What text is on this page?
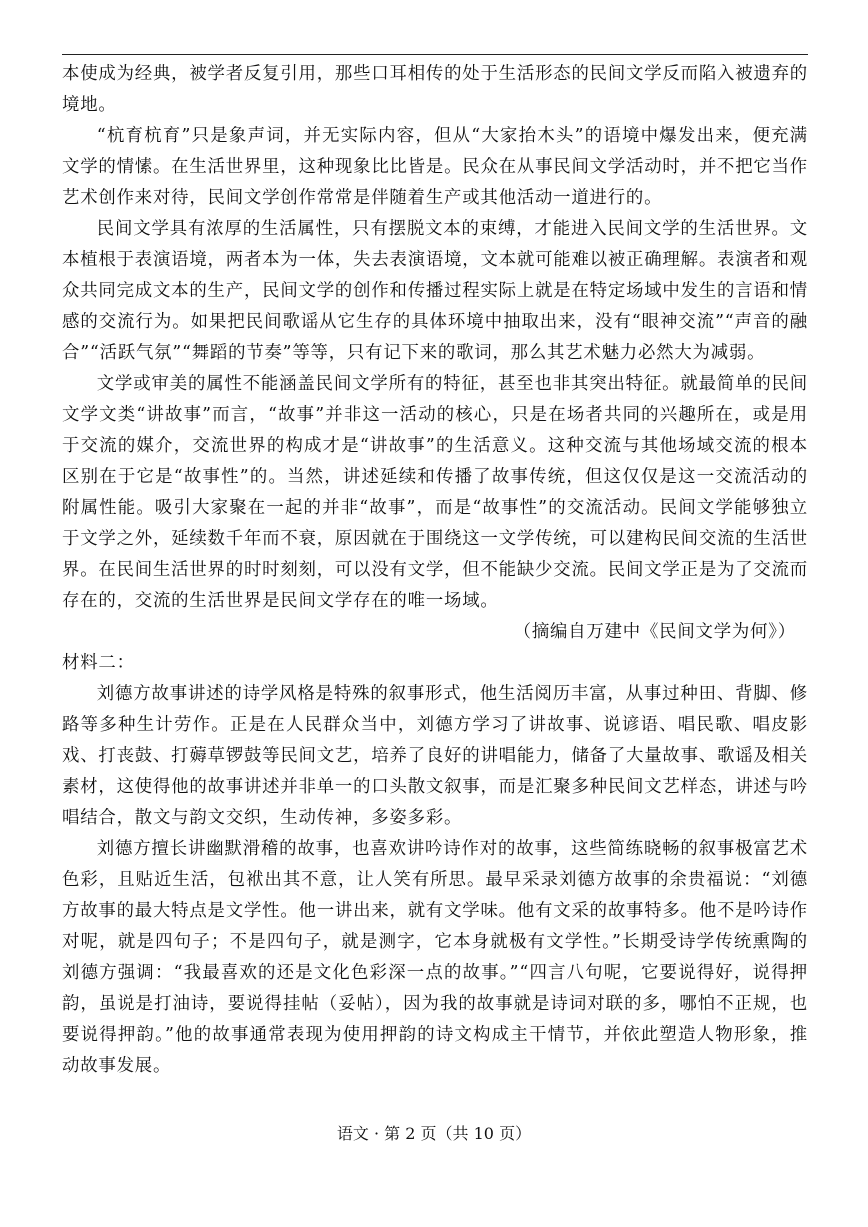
本使成为经典，被学者反复引用，那些口耳相传的处于生活形态的民间文学反而陷入被遗弃的境地。

“杭育杭育”只是象声词，并无实际内容，但从“大家抬木头”的语境中爆发出来，便充满文学的情愫。在生活世界里，这种现象比比皆是。民众在从事民间文学活动时，并不把它当作艺术创作来对待，民间文学创作常常是伴随着生产或其他活动一道进行的。

民间文学具有浓厚的生活属性，只有摆脱文本的束缚，才能进入民间文学的生活世界。文本植根于表演语境，两者本为一体，失去表演语境，文本就可能难以被正确理解。表演者和观众共同完成文本的生产，民间文学的创作和传播过程实际上就是在特定场域中发生的言语和情感的交流行为。如果把民间歌谣从它生存的具体环境中抽取出来，没有“眼神交流”“声音的融合”“活跃气氛”“舞蹈的节奏”等等，只有记下来的歌词，那么其艺术魅力必然大为减弱。

文学或审美的属性不能涵盖民间文学所有的特征，甚至也非其突出特征。就最简单的民间文学文类“讲故事”而言，“故事”并非这一活动的核心，只是在场者共同的兴趣所在，或是用于交流的媒介，交流世界的构成才是“讲故事”的生活意义。这种交流与其他场域交流的根本区别在于它是“故事性”的。当然，讲述延续和传播了故事传统，但这仅仅是这一交流活动的附属性能。吸引大家聚在一起的并非“故事”，而是“故事性”的交流活动。民间文学能够独立于文学之外，延续数千年而不衰，原因就在于围绕这一文学传统，可以建构民间交流的生活世界。在民间生活世界的时时刻刻，可以没有文学，但不能缺少交流。民间文学正是为了交流而存在的，交流的生活世界是民间文学存在的唯一场域。

（摘编自万建中《民间文学为何》）

材料二：

刘德方故事讲述的诗学风格是特殊的叙事形式，他生活阅历丰富，从事过种田、背脚、修路等多种生计劳作。正是在人民群众当中，刘德方学习了讲故事、说谚语、唱民歌、唱皮影戏、打丧鼓、打薅草锣鼓等民间文艺，培养了良好的讲唱能力，储备了大量故事、歌谣及相关素材，这使得他的故事讲述并非单一的口头散文叙事，而是汇聚多种民间文艺样态，讲述与吟唱结合，散文与韵文交织，生动传神，多姿多彩。

刘德方擅长讲幽默滑稽的故事，也喜欢讲吟诗作对的故事，这些简练晓畅的叙事极富艺术色彩，且贴近生活，包袱出其不意，让人笑有所思。最早采录刘德方故事的余贵福说：“刘德方故事的最大特点是文学性。他一讲出来，就有文学味。他有文采的故事特多。他不是吟诗作对呢，就是四句子；不是四句子，就是测字，它本身就极有文学性。”长期受诗学传统熏陶的刘德方强调：“我最喜欢的还是文化色彩深一点的故事。”“四言八句呢，它要说得好，说得押韵，虽说是打油诗，要说得挂帖（妥帖），因为我的故事就是诗词对联的多，哪怕不正规，也要说得押韵。”他的故事通常表现为使用押韵的诗文构成主干情节，并依此塑造人物形象，推动故事发展。

语文 · 第 2 页（共 10 页）
